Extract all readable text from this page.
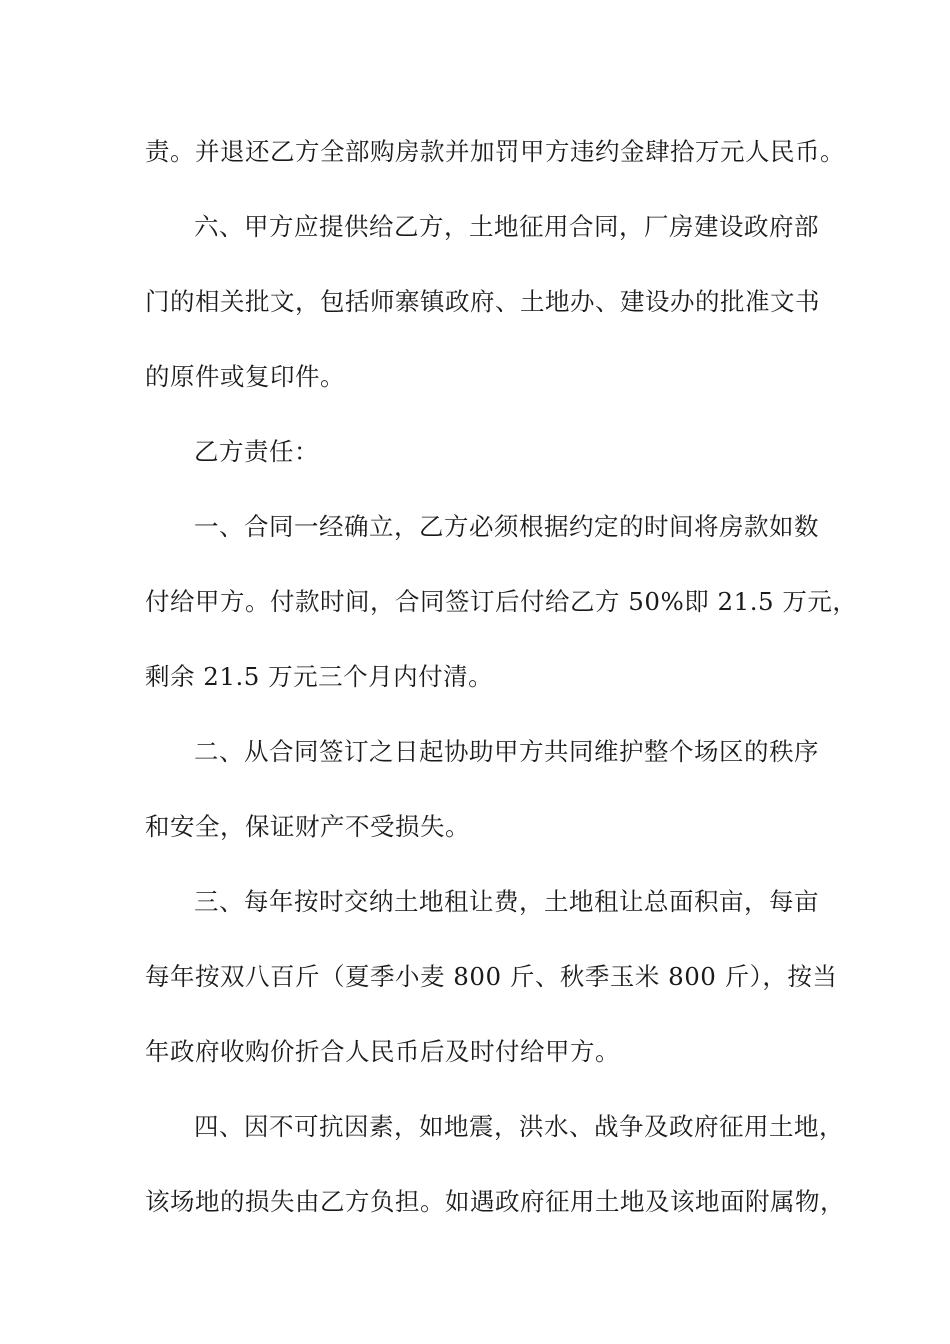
责。并退还乙方全部购房款并加罚甲方违约金肆拾万元人民币。
六、甲方应提供给乙方，土地征用合同，厂房建设政府部
门的相关批文，包括师寨镇政府、土地办、建设办的批准文书
的原件或复印件。
乙方责任：
一、合同一经确立，乙方必须根据约定的时间将房款如数
付给甲方。付款时间，合同签订后付给乙方 50%即 21.5 万元，
剩余 21.5 万元三个月内付清。
二、从合同签订之日起协助甲方共同维护整个场区的秩序
和安全，保证财产不受损失。
三、每年按时交纳土地租让费，土地租让总面积亩，每亩
每年按双八百斤（夏季小麦 800 斤、秋季玉米 800 斤），按当
年政府收购价折合人民币后及时付给甲方。
四、因不可抗因素，如地震，洪水、战争及政府征用土地，
该场地的损失由乙方负担。如遇政府征用土地及该地面附属物，
